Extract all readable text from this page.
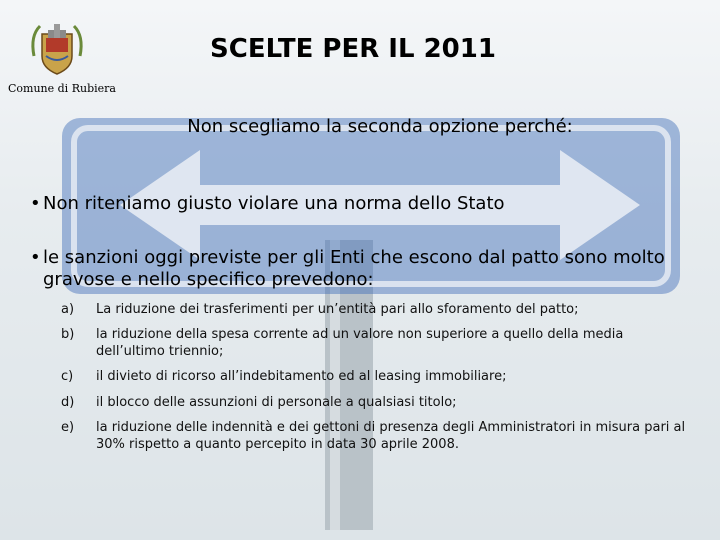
Comune di Rubiera
SCELTE PER IL 2011
Non scegliamo la seconda opzione perché:
• Non riteniamo giusto violare una norma dello Stato
• le sanzioni oggi previste per gli Enti che escono dal patto sono molto gravose e nello specifico prevedono:
a) La riduzione dei trasferimenti per un’entità pari allo sforamento del patto;
b) la riduzione della spesa corrente ad un valore non superiore a quello della media dell’ultimo triennio;
c) il divieto di ricorso all’indebitamento ed al leasing immobiliare;
d) il blocco delle assunzioni di personale a qualsiasi titolo;
e) la riduzione delle indennità e dei gettoni di presenza degli Amministratori in misura pari al 30% rispetto a quanto percepito in data 30 aprile 2008.
